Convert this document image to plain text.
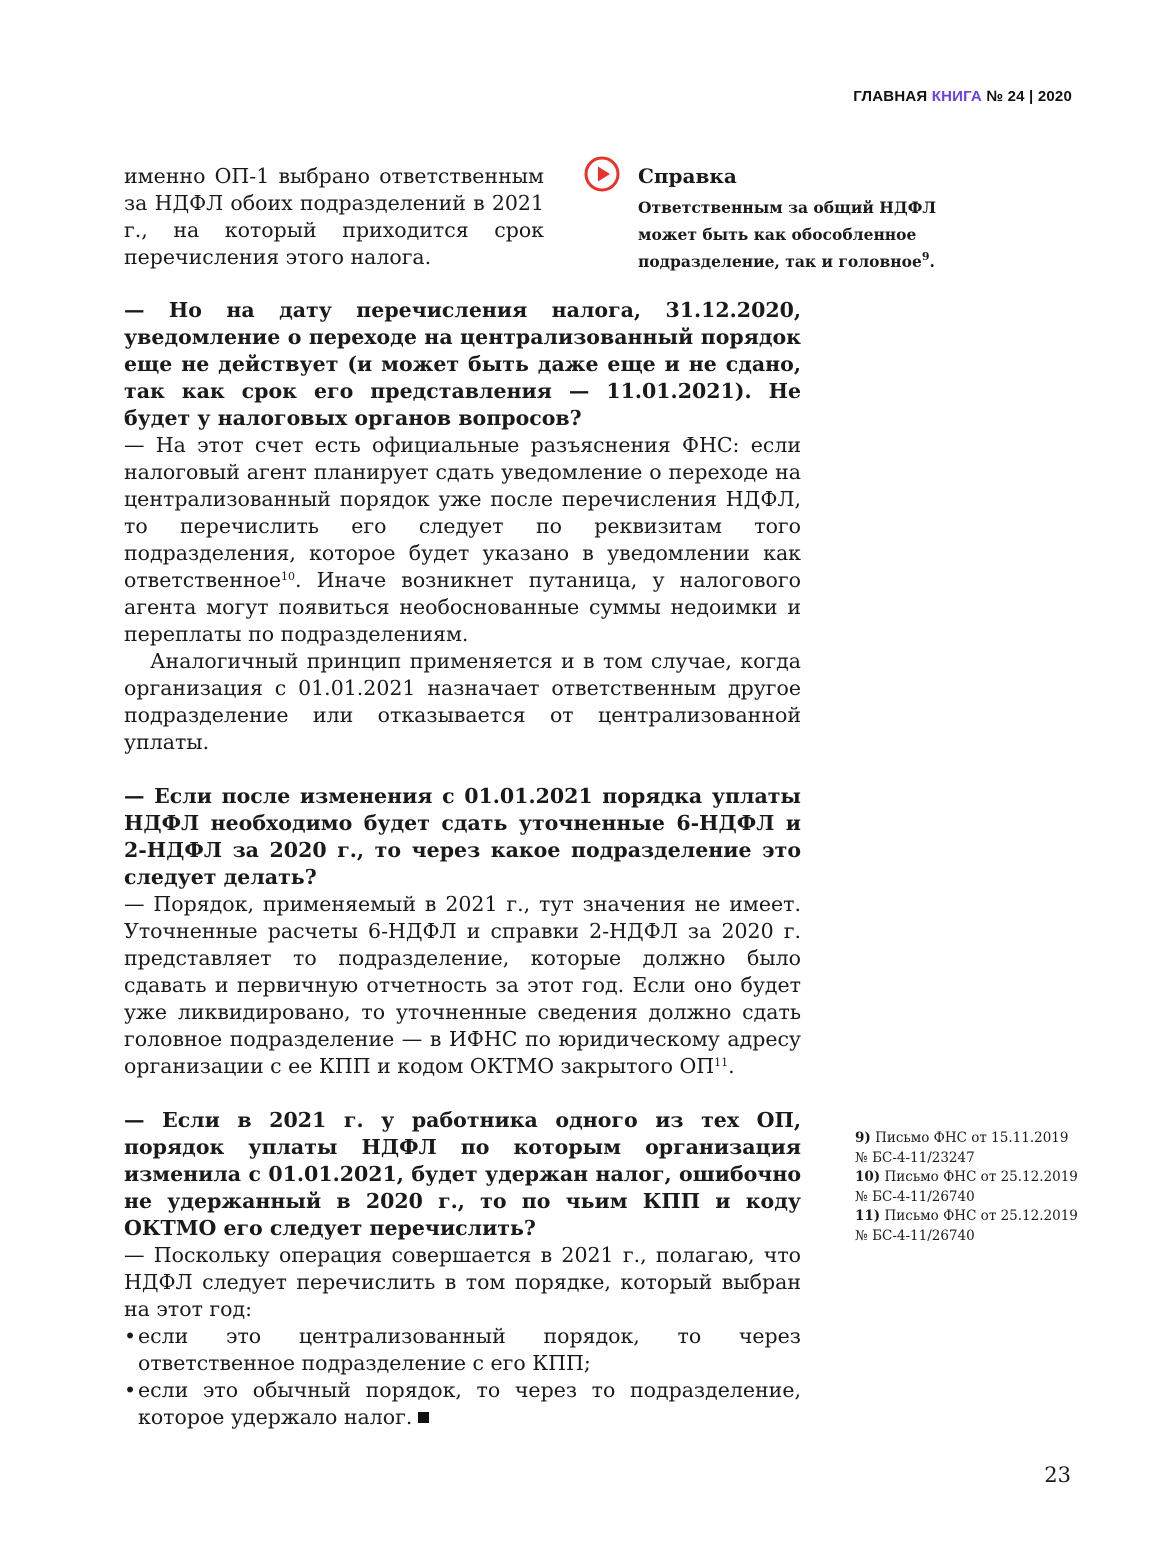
ГЛАВНАЯ КНИГА № 24 | 2020

именно ОП-1 выбрано ответственным за НДФЛ обоих подразделений в 2021 г., на который приходится срок перечисления этого налога.

Справка
Ответственным за общий НДФЛ может быть как обособленное подразделение, так и головное$^9$.

— Но на дату перечисления налога, 31.12.2020, уведомление о переходе на централизованный порядок еще не действует (и может быть даже еще и не сдано, так как срок его представления — 11.01.2021). Не будет у налоговых органов вопросов?

— На этот счет есть официальные разъяснения ФНС: если налоговый агент планирует сдать уведомление о переходе на централизованный порядок уже после перечисления НДФЛ, то перечислить его следует по реквизитам того подразделения, которое будет указано в уведомлении как ответственное$^{10}$. Иначе возникнет путаница, у налогового агента могут появиться необоснованные суммы недоимки и переплаты по подразделениям.

Аналогичный принцип применяется и в том случае, когда организация с 01.01.2021 назначает ответственным другое подразделение или отказывается от централизованной уплаты.

— Если после изменения с 01.01.2021 порядка уплаты НДФЛ необходимо будет сдать уточненные 6-НДФЛ и 2-НДФЛ за 2020 г., то через какое подразделение это следует делать?

— Порядок, применяемый в 2021 г., тут значения не имеет. Уточненные расчеты 6-НДФЛ и справки 2-НДФЛ за 2020 г. представляет то подразделение, которые должно было сдавать и первичную отчетность за этот год. Если оно будет уже ликвидировано, то уточненные сведения должно сдать головное подразделение — в ИФНС по юридическому адресу организации с ее КПП и кодом ОКТМО закрытого ОП$^{11}$.

— Если в 2021 г. у работника одного из тех ОП, порядок уплаты НДФЛ по которым организация изменила с 01.01.2021, будет удержан налог, ошибочно не удержанный в 2020 г., то по чьим КПП и коду ОКТМО его следует перечислить?

— Поскольку операция совершается в 2021 г., полагаю, что НДФЛ следует перечислить в том порядке, который выбран на этот год:

• если это централизованный порядок, то через ответственное подразделение с его КПП;
• если это обычный порядок, то через то подразделение, которое удержало налог.
9) Письмо ФНС от 15.11.2019 № БС-4-11/23247
10) Письмо ФНС от 25.12.2019 № БС-4-11/26740
11) Письмо ФНС от 25.12.2019 № БС-4-11/26740
23
